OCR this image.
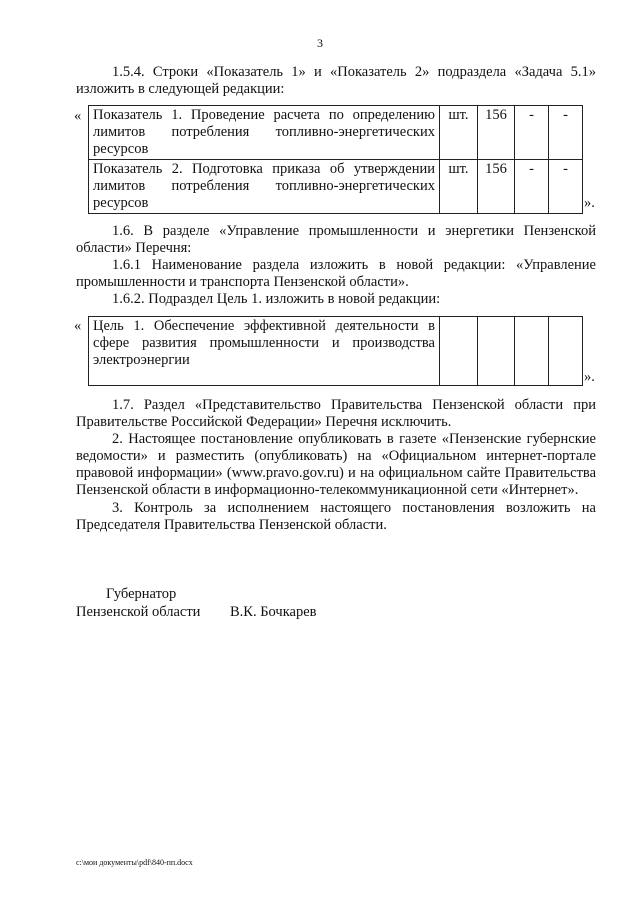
3

1.5.4. Строки «Показатель 1» и «Показатель 2» подраздела «Задача 5.1» изложить в следующей редакции:

« Показатель 1. Проведение расчета по определению лимитов потребления топливно-энергетических ресурсов	шт.	156	-	-
Показатель 2. Подготовка приказа об утверждении лимитов потребления топливно-энергетических ресурсов	шт.	156	-	-
».

1.6. В разделе «Управление промышленности и энергетики Пензенской области» Перечня:

1.6.1 Наименование раздела изложить в новой редакции: «Управление промышленности и транспорта Пензенской области».

1.6.2. Подраздел Цель 1. изложить в новой редакции:

« Цель 1. Обеспечение эффективной деятельности в сфере развития промышленности и производства электроэнергии				
».

1.7. Раздел «Представительство Правительства Пензенской области при Правительстве Российской Федерации» Перечня исключить.

2. Настоящее постановление опубликовать в газете «Пензенские губернские ведомости» и разместить (опубликовать) на «Официальном интернет-портале правовой информации» (www.pravo.gov.ru) и на официальном сайте Правительства Пензенской области в информационно-телекоммуникационной сети «Интернет».

3. Контроль за исполнением настоящего постановления возложить на Председателя Правительства Пензенской области.

Губернатор
Пензенской области В.К. Бочкарев
c:\мои документы\pdf\840-пп.docx
